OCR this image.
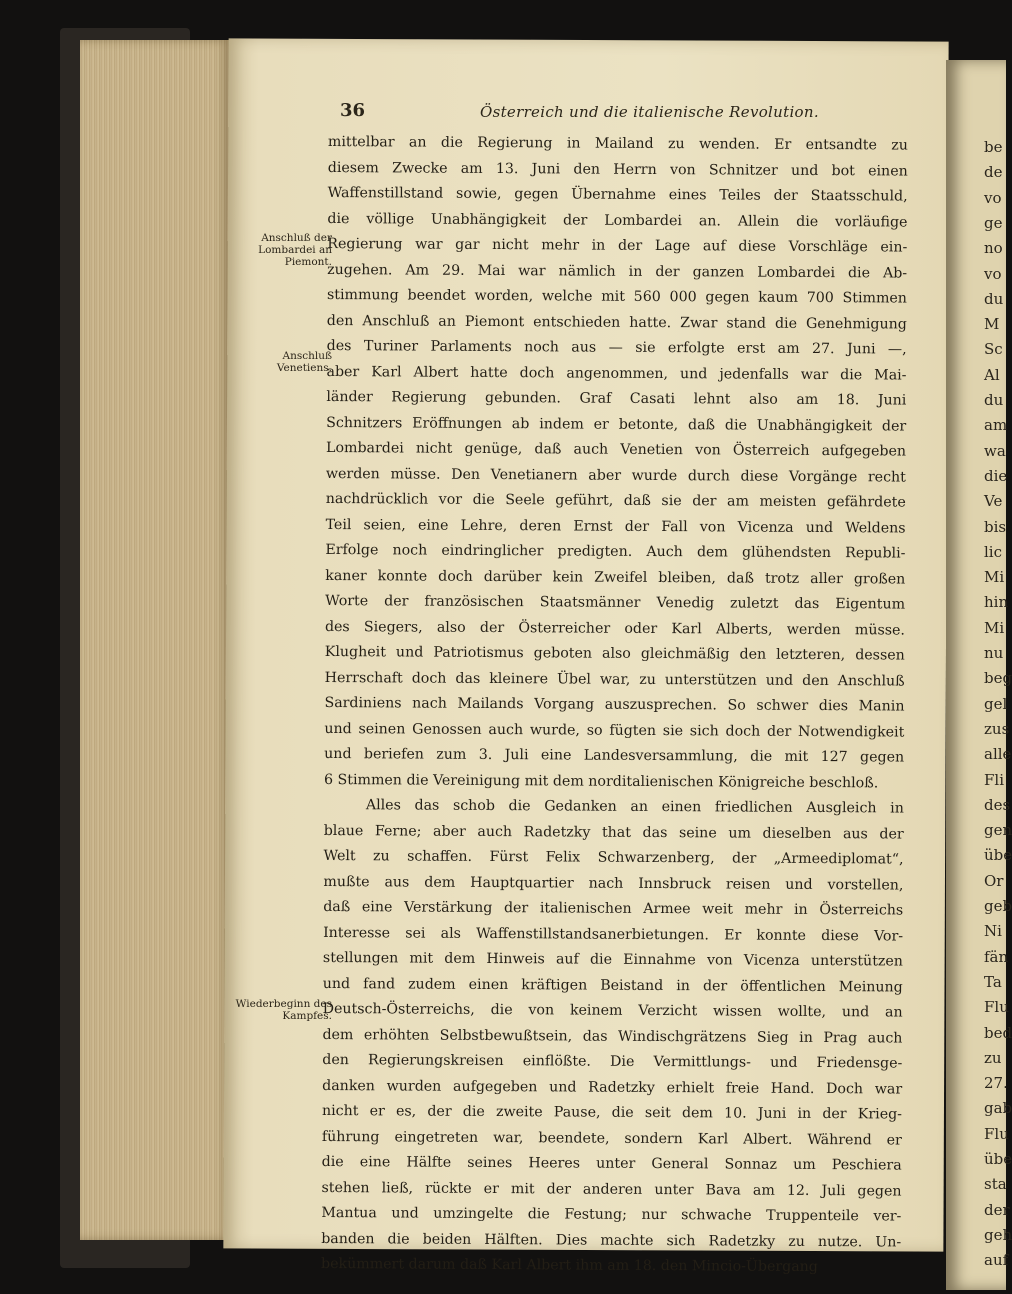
be
de
vo
ge
no
vo
du
M
Sc
Al
du
am
wa
die
Ve
bis
lic
Mi
hin
Mi
nu
beg
gel
zus
alle
Fli
des
gen
übe
Or
geb
Ni
fän
Ta
Flu
bed
zu
27.
gab
Flu
übe
sta
der
geh
auf
36	Österreich und die italienische Revolution.
Anschluß der Lombardei an Piemont.
Anschluß Venetiens.
Wiederbeginn des Kampfes.
mittelbar an die Regierung in Mailand zu wenden. Er entsandte zu
diesem Zwecke am 13. Juni den Herrn von Schnitzer und bot einen
Waffenstillstand sowie, gegen Übernahme eines Teiles der Staatsschuld,
die völlige Unabhängigkeit der Lombardei an. Allein die vorläufige
Regierung war gar nicht mehr in der Lage auf diese Vorschläge ein-
zugehen. Am 29. Mai war nämlich in der ganzen Lombardei die Ab-
stimmung beendet worden, welche mit 560 000 gegen kaum 700 Stimmen
den Anschluß an Piemont entschieden hatte. Zwar stand die Genehmigung
des Turiner Parlaments noch aus — sie erfolgte erst am 27. Juni —,
aber Karl Albert hatte doch angenommen, und jedenfalls war die Mai-
länder Regierung gebunden. Graf Casati lehnt also am 18. Juni
Schnitzers Eröffnungen ab indem er betonte, daß die Unabhängigkeit der
Lombardei nicht genüge, daß auch Venetien von Österreich aufgegeben
werden müsse. Den Venetianern aber wurde durch diese Vorgänge recht
nachdrücklich vor die Seele geführt, daß sie der am meisten gefährdete
Teil seien, eine Lehre, deren Ernst der Fall von Vicenza und Weldens
Erfolge noch eindringlicher predigten. Auch dem glühendsten Republi-
kaner konnte doch darüber kein Zweifel bleiben, daß trotz aller großen
Worte der französischen Staatsmänner Venedig zuletzt das Eigentum
des Siegers, also der Österreicher oder Karl Alberts, werden müsse.
Klugheit und Patriotismus geboten also gleichmäßig den letzteren, dessen
Herrschaft doch das kleinere Übel war, zu unterstützen und den Anschluß
Sardiniens nach Mailands Vorgang auszusprechen. So schwer dies Manin
und seinen Genossen auch wurde, so fügten sie sich doch der Notwendigkeit
und beriefen zum 3. Juli eine Landesversammlung, die mit 127 gegen
6 Stimmen die Vereinigung mit dem norditalienischen Königreiche beschloß.
Alles das schob die Gedanken an einen friedlichen Ausgleich in
blaue Ferne; aber auch Radetzky that das seine um dieselben aus der
Welt zu schaffen. Fürst Felix Schwarzenberg, der „Armeediplomat“,
mußte aus dem Hauptquartier nach Innsbruck reisen und vorstellen,
daß eine Verstärkung der italienischen Armee weit mehr in Österreichs
Interesse sei als Waffenstillstandsanerbietungen. Er konnte diese Vor-
stellungen mit dem Hinweis auf die Einnahme von Vicenza unterstützen
und fand zudem einen kräftigen Beistand in der öffentlichen Meinung
Deutsch-Österreichs, die von keinem Verzicht wissen wollte, und an
dem erhöhten Selbstbewußtsein, das Windischgrätzens Sieg in Prag auch
den Regierungskreisen einflößte. Die Vermittlungs- und Friedensge-
danken wurden aufgegeben und Radetzky erhielt freie Hand. Doch war
nicht er es, der die zweite Pause, die seit dem 10. Juni in der Krieg-
führung eingetreten war, beendete, sondern Karl Albert. Während er
die eine Hälfte seines Heeres unter General Sonnaz um Peschiera
stehen ließ, rückte er mit der anderen unter Bava am 12. Juli gegen
Mantua und umzingelte die Festung; nur schwache Truppenteile ver-
banden die beiden Hälften. Dies machte sich Radetzky zu nutze. Un-
bekümmert darum daß Karl Albert ihm am 18. den Mincio-Übergang
